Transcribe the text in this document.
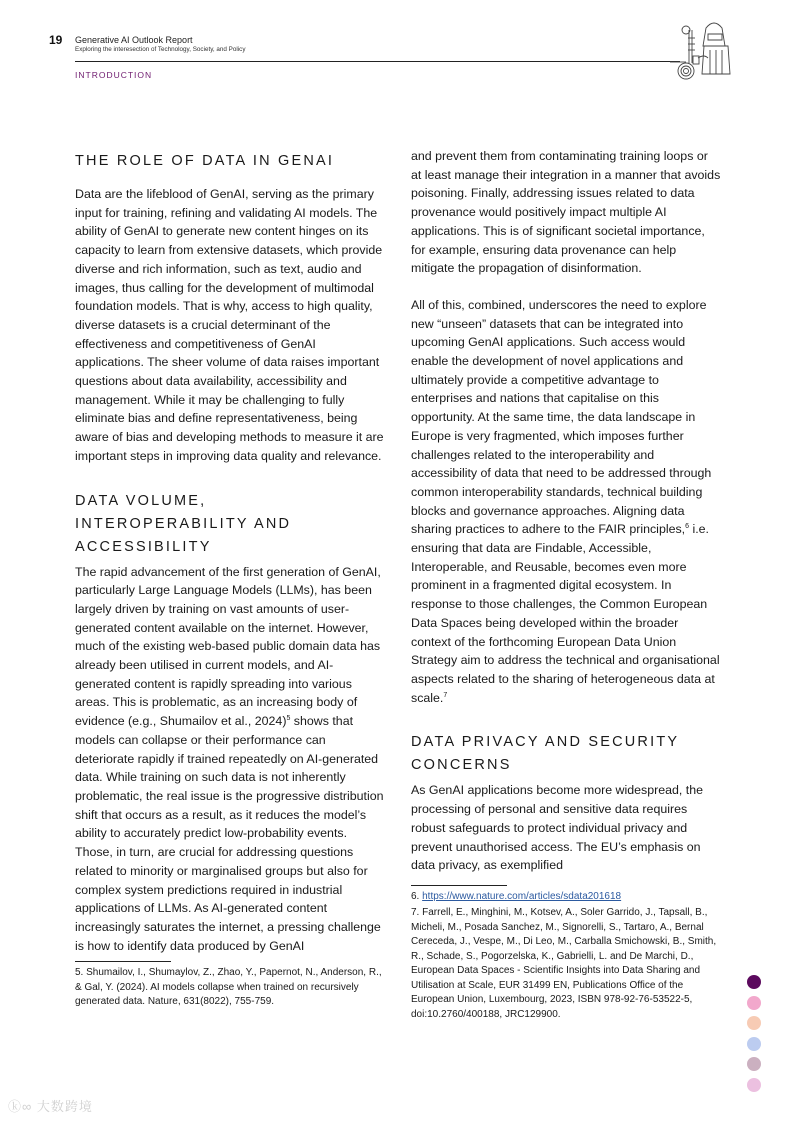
19 Generative AI Outlook Report
Exploring the interesection of Technology, Society, and Policy
INTRODUCTION
THE ROLE OF DATA IN GENAI

Data are the lifeblood of GenAI, serving as the primary input for training, refining and validating AI models. The ability of GenAI to generate new content hinges on its capacity to learn from extensive datasets, which provide diverse and rich information, such as text, audio and images, thus calling for the development of multimodal foundation models. That is why, access to high quality, diverse datasets is a crucial determinant of the effectiveness and competitiveness of GenAI applications. The sheer volume of data raises important questions about data availability, accessibility and management. While it may be challenging to fully eliminate bias and define representativeness, being aware of bias and developing methods to measure it are important steps in improving data quality and relevance.

DATA VOLUME, INTEROPERABILITY AND ACCESSIBILITY

The rapid advancement of the first generation of GenAI, particularly Large Language Models (LLMs), has been largely driven by training on vast amounts of user-generated content available on the internet. However, much of the existing web-based public domain data has already been utilised in current models, and AI-generated content is rapidly spreading into various areas. This is problematic, as an increasing body of evidence (e.g., Shumailov et al., 2024)$^5$ shows that models can collapse or their performance can deteriorate rapidly if trained repeatedly on AI-generated data. While training on such data is not inherently problematic, the real issue is the progressive distribution shift that occurs as a result, as it reduces the model’s ability to accurately predict low-probability events. Those, in turn, are crucial for addressing questions related to minority or marginalised groups but also for complex system predictions required in industrial applications of LLMs. As AI-generated content increasingly saturates the internet, a pressing challenge is how to identify data produced by GenAI

5. Shumailov, I., Shumaylov, Z., Zhao, Y., Papernot, N., Anderson, R., & Gal, Y. (2024). AI models collapse when trained on recursively generated data. Nature, 631(8022), 755-759.

and prevent them from contaminating training loops or at least manage their integration in a manner that avoids poisoning. Finally, addressing issues related to data provenance would positively impact multiple AI applications. This is of significant societal importance, for example, ensuring data provenance can help mitigate the propagation of disinformation.

All of this, combined, underscores the need to explore new “unseen” datasets that can be integrated into upcoming GenAI applications. Such access would enable the development of novel applications and ultimately provide a competitive advantage to enterprises and nations that capitalise on this opportunity. At the same time, the data landscape in Europe is very fragmented, which imposes further challenges related to the interoperability and accessibility of data that need to be addressed through common interoperability standards, technical building blocks and governance approaches. Aligning data sharing practices to adhere to the FAIR principles,$^6$ i.e. ensuring that data are Findable, Accessible, Interoperable, and Reusable, becomes even more prominent in a fragmented digital ecosystem. In response to those challenges, the Common European Data Spaces being developed within the broader context of the forthcoming European Data Union Strategy aim to address the technical and organisational aspects related to the sharing of heterogeneous data at scale.$^7$

DATA PRIVACY AND SECURITY CONCERNS

As GenAI applications become more widespread, the processing of personal and sensitive data requires robust safeguards to protect individual privacy and prevent unauthorised access. The EU’s emphasis on data privacy, as exemplified

6. https://www.nature.com/articles/sdata201618

7. Farrell, E., Minghini, M., Kotsev, A., Soler Garrido, J., Tapsall, B., Micheli, M., Posada Sanchez, M., Signorelli, S., Tartaro, A., Bernal Cereceda, J., Vespe, M., Di Leo, M., Carballa Smichowski, B., Smith, R., Schade, S., Pogorzelska, K., Gabrielli, L. and De Marchi, D., European Data Spaces - Scientific Insights into Data Sharing and Utilisation at Scale, EUR 31499 EN, Publications Office of the European Union, Luxembourg, 2023, ISBN 978-92-76-53522-5, doi:10.2760/400188, JRC129900.

ⓚ∞ 大数跨境
